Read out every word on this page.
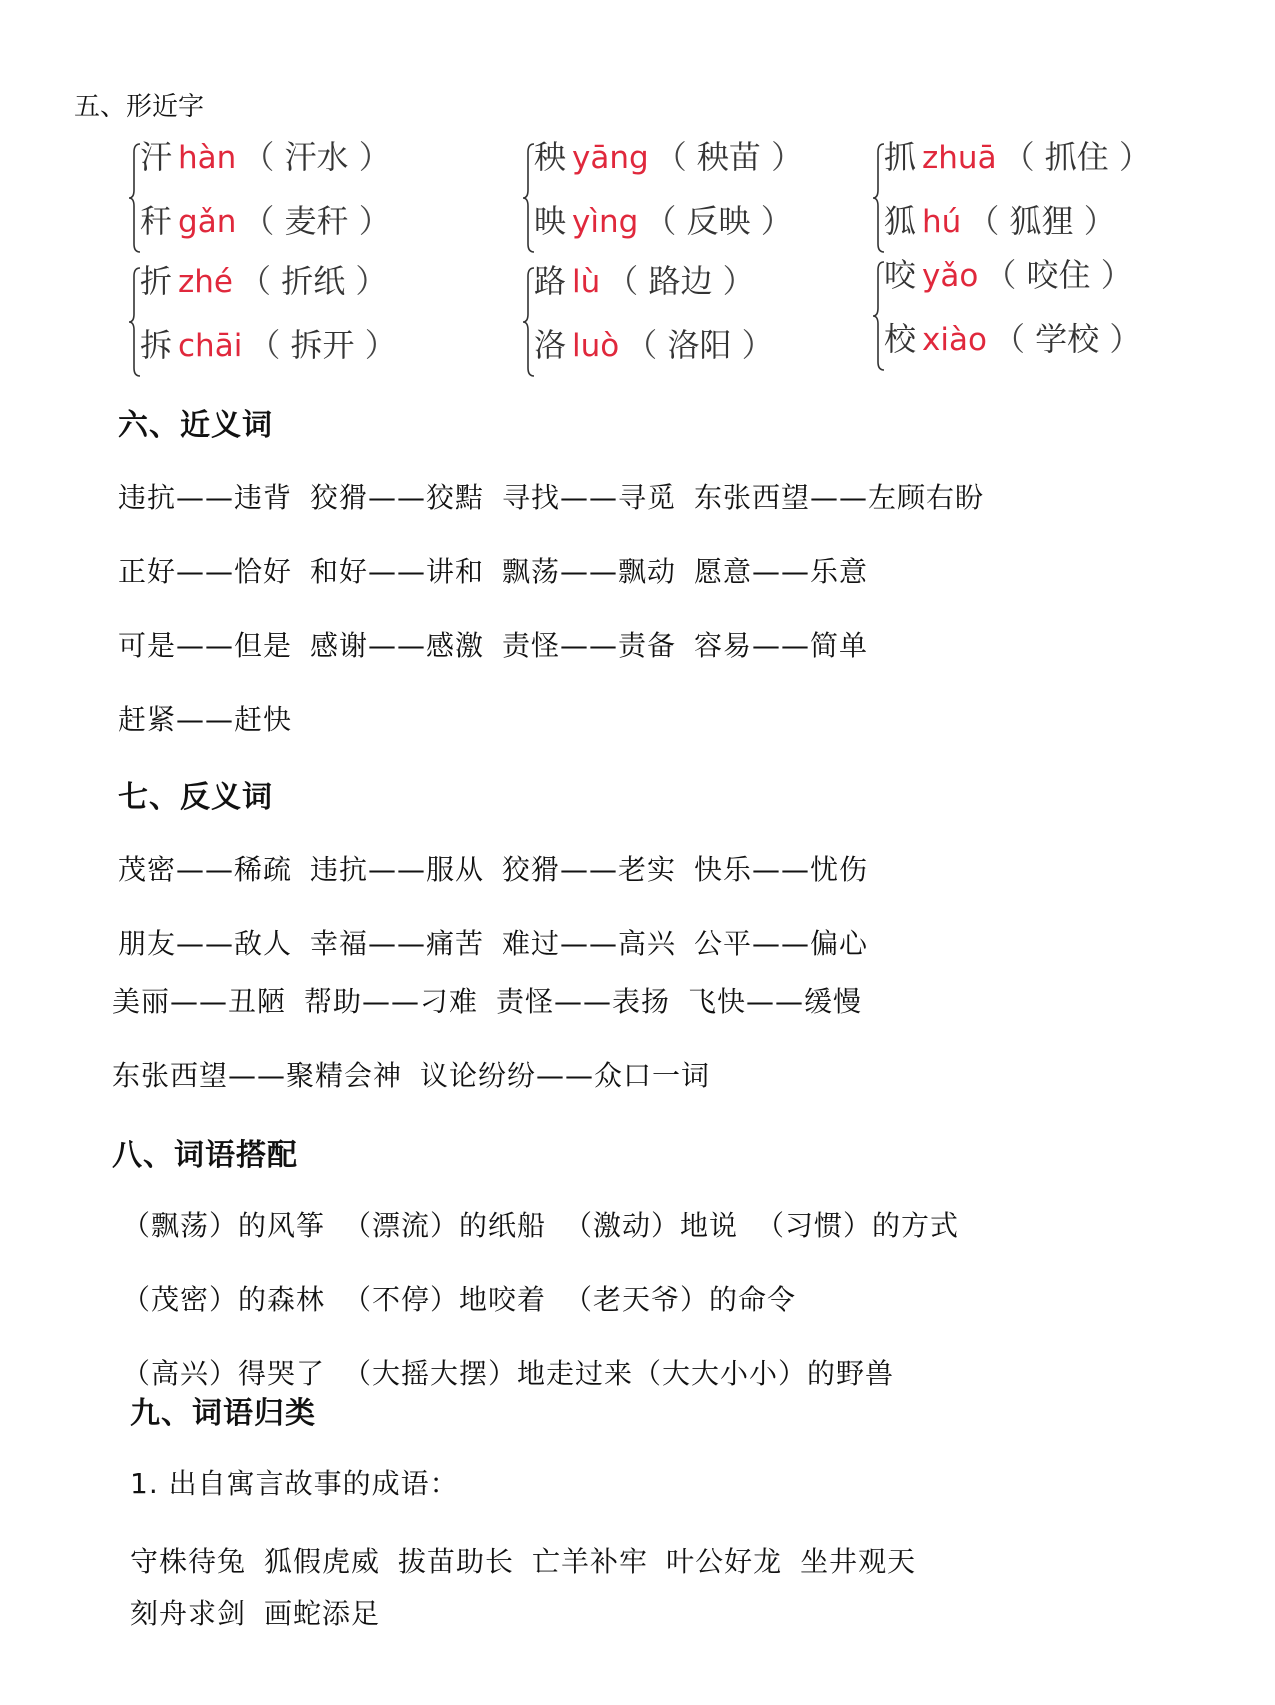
五、形近字
汗 hàn （ 汗水 ）
秆 gǎn （ 麦秆 ）
秧 yāng （ 秧苗 ）
映 yìng （ 反映 ）
抓 zhuā （ 抓住 ）
狐 hú （ 狐狸 ）
折 zhé （ 折纸 ）
拆 chāi （ 拆开 ）
路 lù （ 路边 ）
洛 luò （ 洛阳 ）
咬 yǎo （ 咬住 ）
校 xiào （ 学校 ）
六、近义词
违抗——违背 狡猾——狡黠 寻找——寻觅 东张西望——左顾右盼
正好——恰好 和好——讲和 飘荡——飘动 愿意——乐意
可是——但是 感谢——感激 责怪——责备 容易——简单
赶紧——赶快
七、反义词
茂密——稀疏 违抗——服从 狡猾——老实 快乐——忧伤
朋友——敌人 幸福——痛苦 难过——高兴 公平——偏心
美丽——丑陋 帮助——刁难 责怪——表扬 飞快——缓慢
东张西望——聚精会神 议论纷纷——众口一词
八、词语搭配
（飘荡）的风筝 （漂流）的纸船 （激动）地说 （习惯）的方式
（茂密）的森林 （不停）地咬着 （老天爷）的命令
（高兴）得哭了 （大摇大摆）地走过来（大大小小）的野兽
九、词语归类
1. 出自寓言故事的成语：
守株待兔 狐假虎威 拔苗助长 亡羊补牢 叶公好龙 坐井观天
刻舟求剑 画蛇添足
